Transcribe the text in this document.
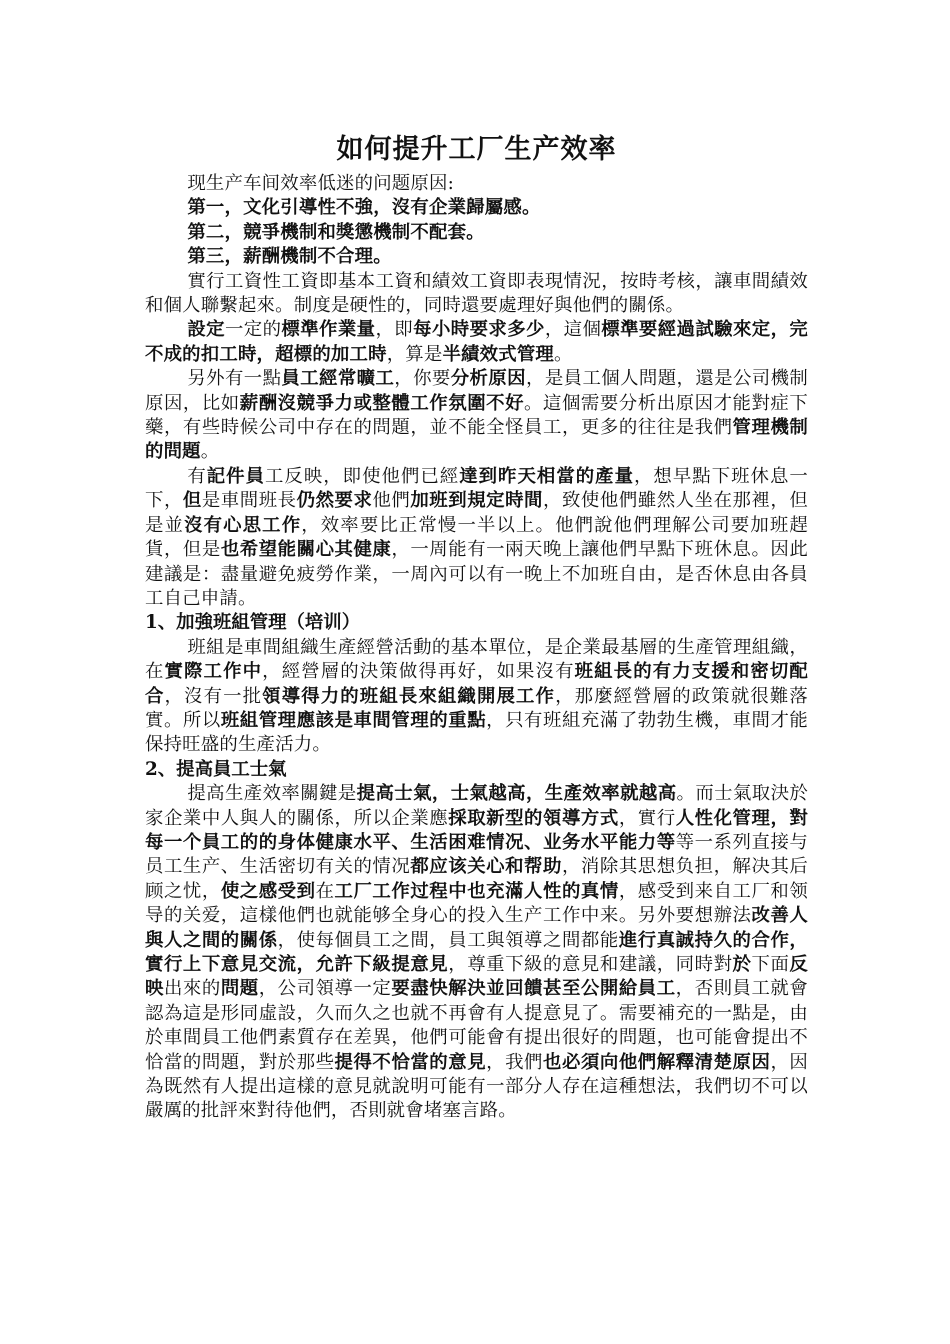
如何提升工厂生产效率

现生产车间效率低迷的问题原因:

第一，文化引導性不強，沒有企業歸屬感。

第二，競爭機制和獎懲機制不配套。

第三，薪酬機制不合理。

實行工資性工資即基本工資和績效工資即表現情況，按時考核，讓車間績效和個人聯繫起來。制度是硬性的，同時還要處理好與他們的關係。

設定一定的標準作業量，即每小時要求多少，這個標準要經過試驗來定，完不成的扣工時，超標的加工時，算是半績效式管理。

另外有一點員工經常曠工，你要分析原因，是員工個人問題，還是公司機制原因，比如薪酬沒競爭力或整體工作氛圍不好。這個需要分析出原因才能對症下藥，有些時候公司中存在的問題，並不能全怪員工，更多的往往是我們管理機制的問題。

有記件員工反映，即使他們已經達到昨天相當的產量，想早點下班休息一下，但是車間班長仍然要求他們加班到規定時間，致使他們雖然人坐在那裡，但是並沒有心思工作，效率要比正常慢一半以上。他們說他們理解公司要加班趕貨，但是也希望能關心其健康，一周能有一兩天晚上讓他們早點下班休息。因此建議是：盡量避免疲勞作業，一周內可以有一晚上不加班自由，是否休息由各員工自己申請。

1、加強班組管理（培训）

班組是車間組織生產經營活動的基本單位，是企業最基層的生產管理組織，在實際工作中，經營層的決策做得再好，如果沒有班組長的有力支援和密切配合，沒有一批領導得力的班組長來組織開展工作，那麼經營層的政策就很難落實。所以班組管理應該是車間管理的重點，只有班組充滿了勃勃生機，車間才能保持旺盛的生產活力。

2、提高員工士氣

提高生產效率關鍵是提高士氣，士氣越高，生產效率就越高。而士氣取決於家企業中人與人的關係，所以企業應採取新型的領導方式，實行人性化管理，對每一个員工的的身体健康水平、生活困难情况、业务水平能力等等一系列直接与员工生产、生活密切有关的情况都应该关心和帮助，消除其思想负担，解决其后顾之忧，使之感受到在工厂工作过程中也充滿人性的真情，感受到来自工厂和领导的关爱，這樣他們也就能够全身心的投入生产工作中来。另外要想辦法改善人與人之間的關係，使每個員工之間，員工與領導之間都能進行真誠持久的合作，實行上下意見交流，允許下級提意見，尊重下級的意見和建議，同時對於下面反映出來的問題，公司領導一定要盡快解決並回饋甚至公開給員工，否則員工就會認為這是形同虛設，久而久之也就不再會有人提意見了。需要補充的一點是，由於車間員工他們素質存在差異，他們可能會有提出很好的問題，也可能會提出不恰當的問題，對於那些提得不恰當的意見，我們也必須向他們解釋清楚原因，因為既然有人提出這樣的意見就說明可能有一部分人存在這種想法，我們切不可以嚴厲的批評來對待他們，否則就會堵塞言路。
